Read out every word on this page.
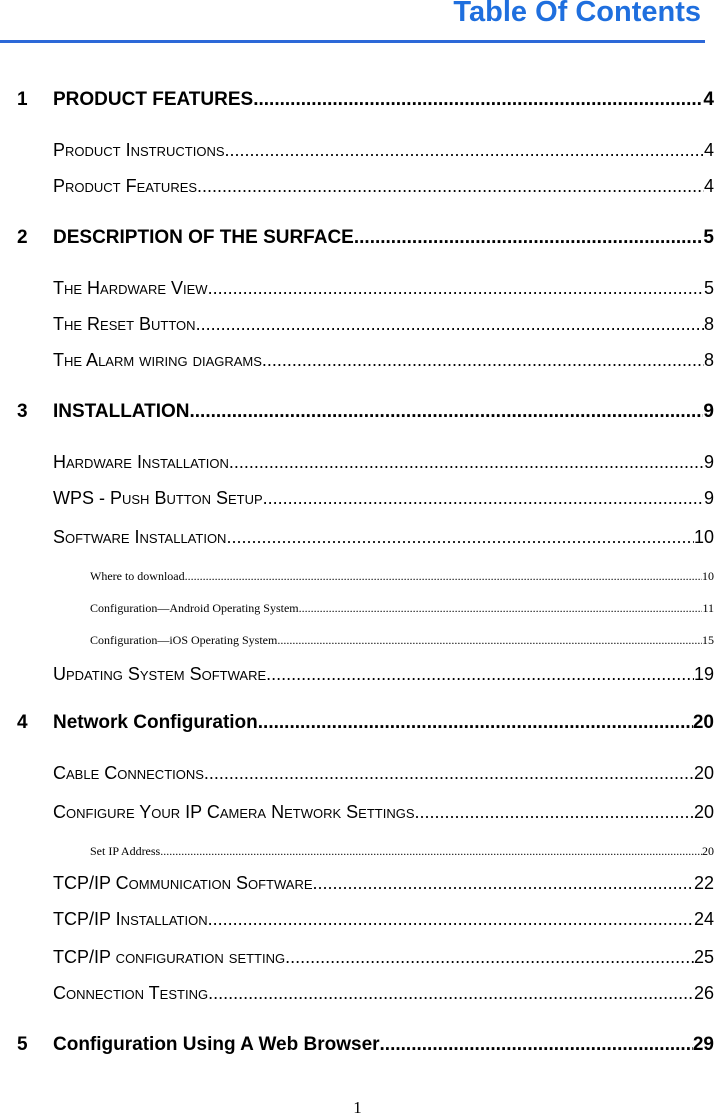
Table Of Contents
1 PRODUCT FEATURES .....	4
Product Instructions .....	4
Product Features .....	4
2 DESCRIPTION OF THE SURFACE .....	5
The Hardware View .....	5
The Reset Button .....	8
The Alarm wiring diagrams .....	8
3 INSTALLATION .....	9
Hardware Installation .....	9
WPS - Push Button Setup .....	9
Software Installation .....	10
Where to download .....	10
Configuration—Android Operating System .....	11
Configuration—iOS Operating System .....	15
Updating System Software .....	19
4 Network Configuration .....	20
Cable Connections .....	20
Configure Your IP Camera Network Settings .....	20
Set IP Address .....	20
TCP/IP Communication Software .....	22
TCP/IP Installation .....	24
TCP/IP configuration setting .....	25
Connection Testing .....	26
5 Configuration Using A Web Browser .....	29
1
